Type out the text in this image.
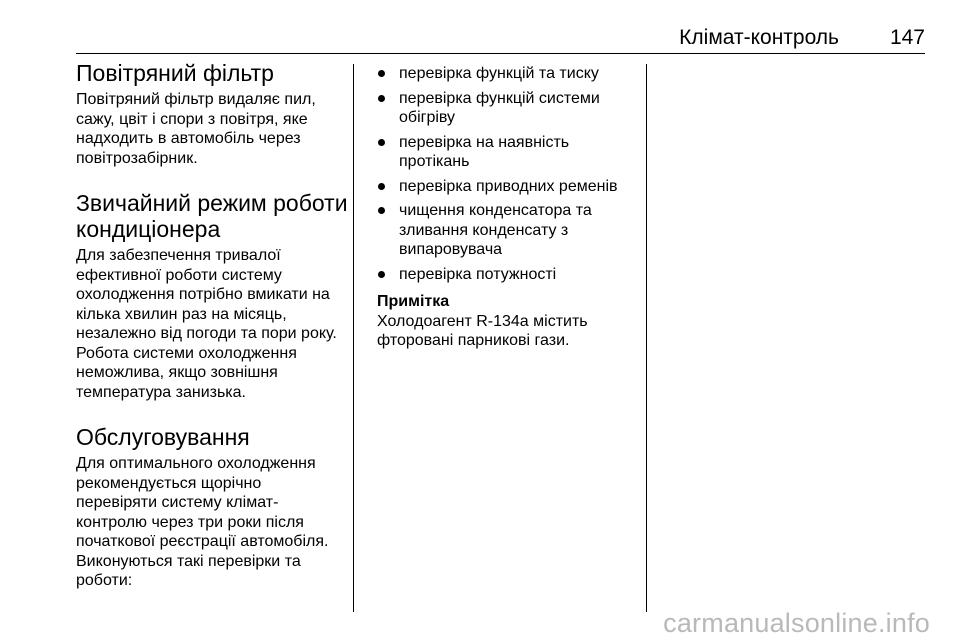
Клімат-контроль 147
Повітряний фільтр

Повітряний фільтр видаляє пил,
сажу, цвіт і спори з повітря, яке
надходить в автомобіль через
повітрозабірник.

Звичайний режим роботи
кондиціонера

Для забезпечення тривалої
ефективної роботи систему
охолодження потрібно вмикати на
кілька хвилин раз на місяць,
незалежно від погоди та пори року.
Робота системи охолодження
неможлива, якщо зовнішня
температура занизька.

Обслуговування

Для оптимального охолодження
рекомендується щорічно
перевіряти систему клімат-
контролю через три роки після
початкової реєстрації автомобіля.
Виконуються такі перевірки та
роботи:

перевірка функцій та тиску
перевірка функцій системи
обігріву
перевірка на наявність
протікань
перевірка приводних ременів
чищення конденсатора та
зливання конденсату з
випаровувача
перевірка потужності

Примітка

Холодоагент R-134a містить
фторовані парникові гази.

carmanualsonline.info
